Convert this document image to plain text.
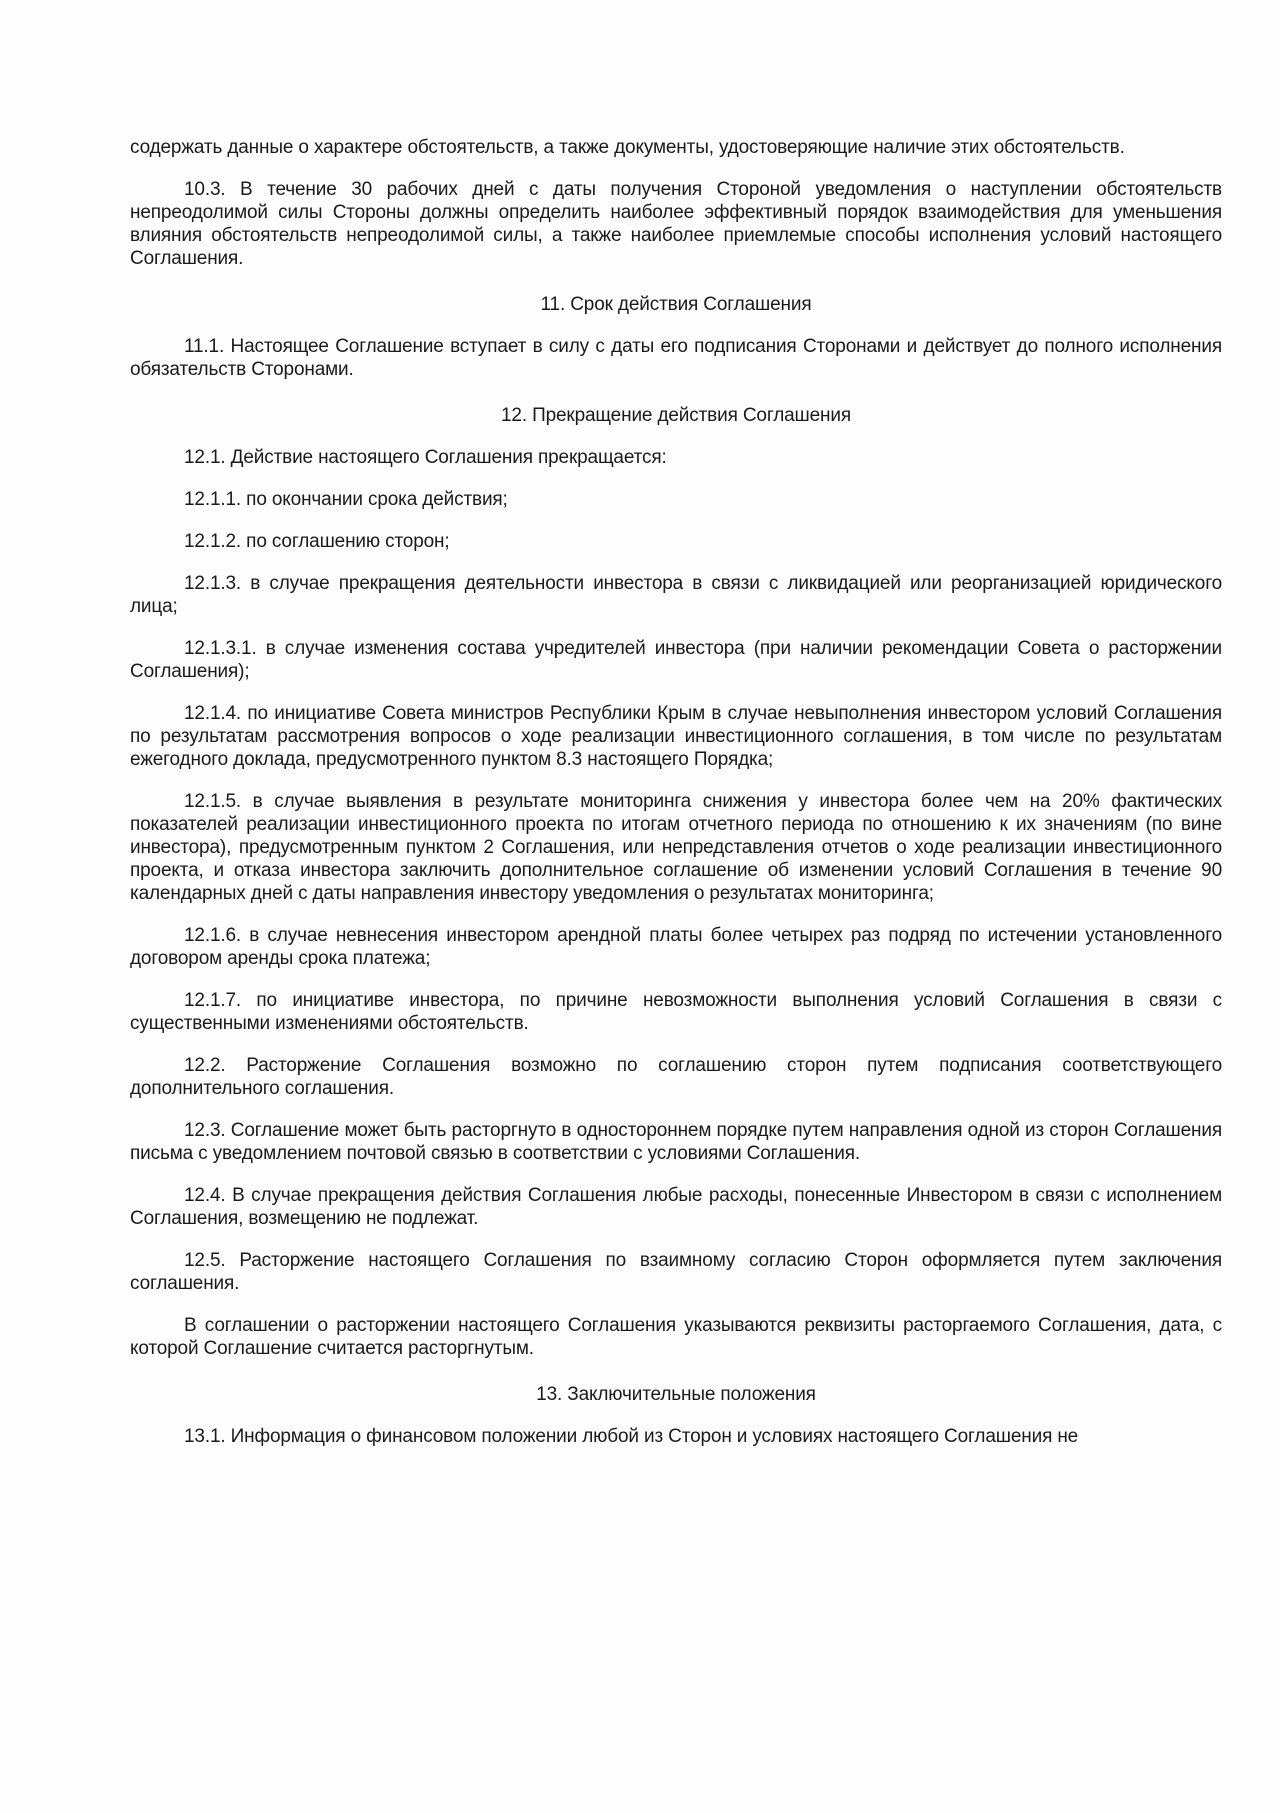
содержать данные о характере обстоятельств, а также документы, удостоверяющие наличие этих обстоятельств.

10.3. В течение 30 рабочих дней с даты получения Стороной уведомления о наступлении обстоятельств непреодолимой силы Стороны должны определить наиболее эффективный порядок взаимодействия для уменьшения влияния обстоятельств непреодолимой силы, а также наиболее приемлемые способы исполнения условий настоящего Соглашения.

11. Срок действия Соглашения

11.1. Настоящее Соглашение вступает в силу с даты его подписания Сторонами и действует до полного исполнения обязательств Сторонами.

12. Прекращение действия Соглашения

12.1. Действие настоящего Соглашения прекращается:

12.1.1. по окончании срока действия;

12.1.2. по соглашению сторон;

12.1.3. в случае прекращения деятельности инвестора в связи с ликвидацией или реорганизацией юридического лица;

12.1.3.1. в случае изменения состава учредителей инвестора (при наличии рекомендации Совета о расторжении Соглашения);

12.1.4. по инициативе Совета министров Республики Крым в случае невыполнения инвестором условий Соглашения по результатам рассмотрения вопросов о ходе реализации инвестиционного соглашения, в том числе по результатам ежегодного доклада, предусмотренного пунктом 8.3 настоящего Порядка;

12.1.5. в случае выявления в результате мониторинга снижения у инвестора более чем на 20% фактических показателей реализации инвестиционного проекта по итогам отчетного периода по отношению к их значениям (по вине инвестора), предусмотренным пунктом 2 Соглашения, или непредставления отчетов о ходе реализации инвестиционного проекта, и отказа инвестора заключить дополнительное соглашение об изменении условий Соглашения в течение 90 календарных дней с даты направления инвестору уведомления о результатах мониторинга;

12.1.6. в случае невнесения инвестором арендной платы более четырех раз подряд по истечении установленного договором аренды срока платежа;

12.1.7. по инициативе инвестора, по причине невозможности выполнения условий Соглашения в связи с существенными изменениями обстоятельств.

12.2. Расторжение Соглашения возможно по соглашению сторон путем подписания соответствующего дополнительного соглашения.

12.3. Соглашение может быть расторгнуто в одностороннем порядке путем направления одной из сторон Соглашения письма с уведомлением почтовой связью в соответствии с условиями Соглашения.

12.4. В случае прекращения действия Соглашения любые расходы, понесенные Инвестором в связи с исполнением Соглашения, возмещению не подлежат.

12.5. Расторжение настоящего Соглашения по взаимному согласию Сторон оформляется путем заключения соглашения.

В соглашении о расторжении настоящего Соглашения указываются реквизиты расторгаемого Соглашения, дата, с которой Соглашение считается расторгнутым.

13. Заключительные положения

13.1. Информация о финансовом положении любой из Сторон и условиях настоящего Соглашения не
